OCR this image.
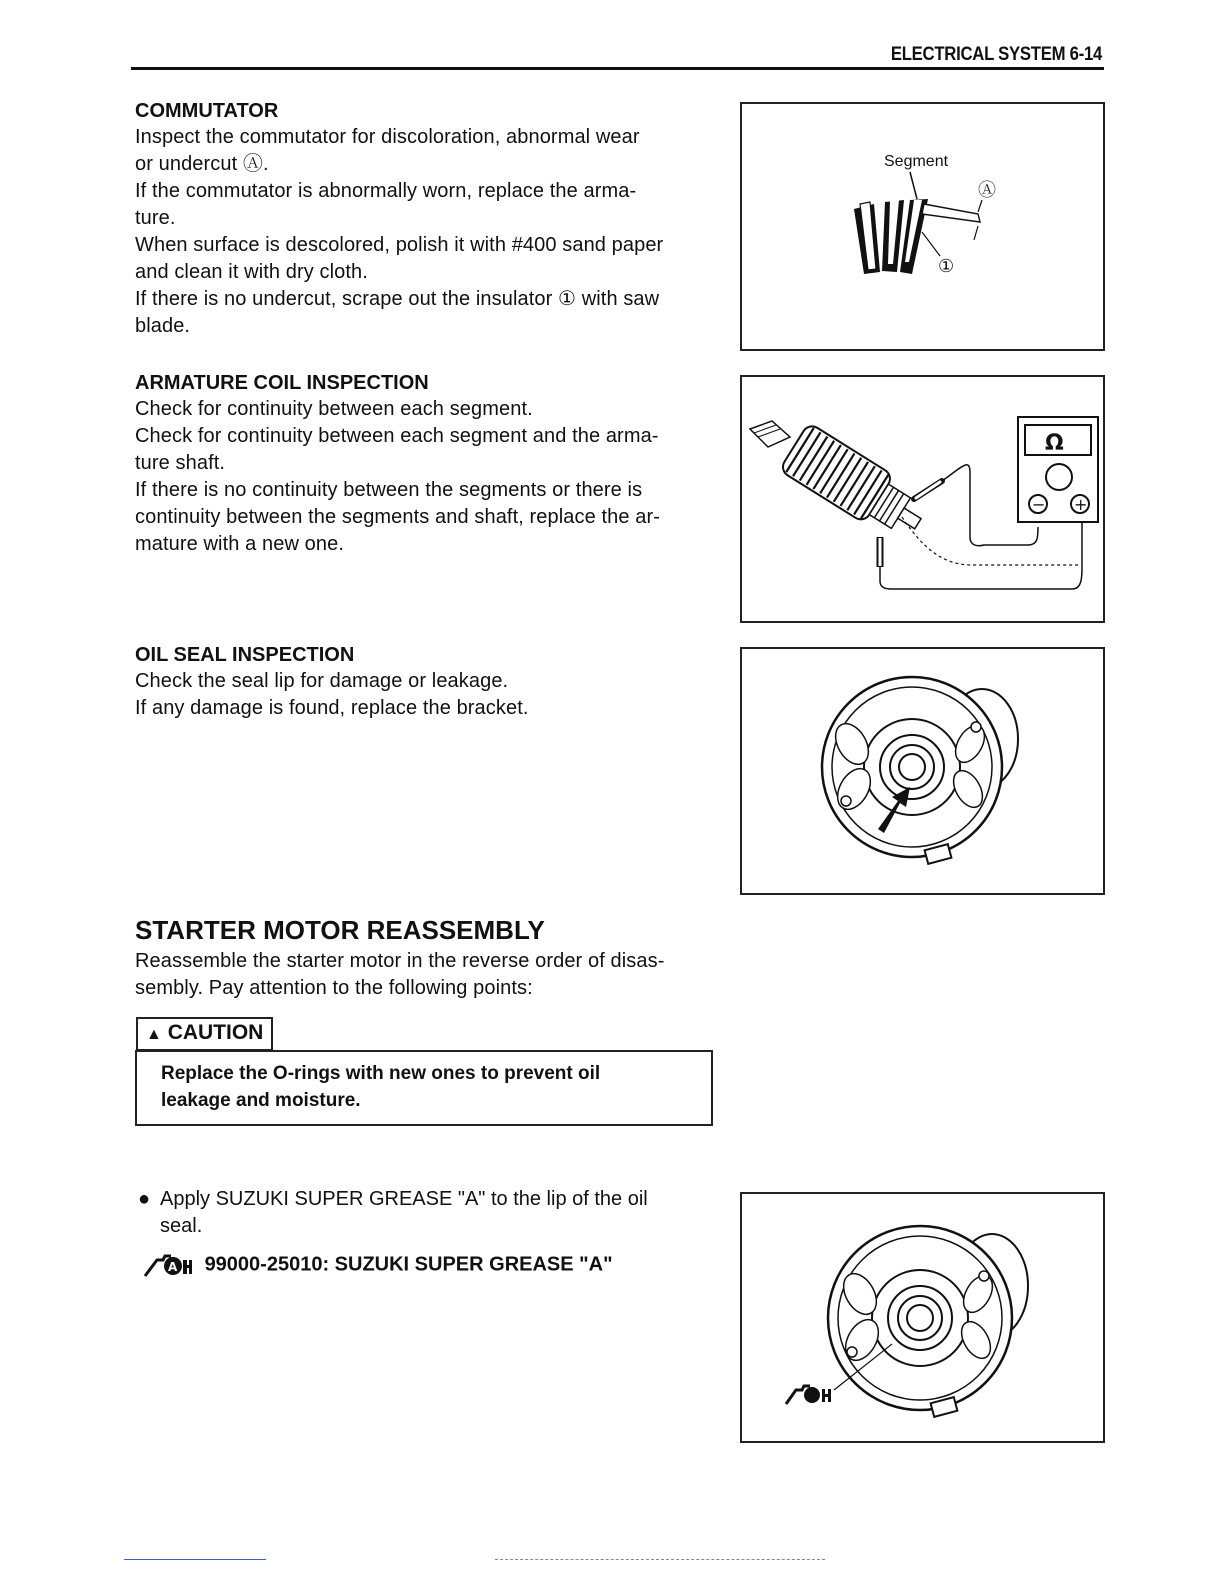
ELECTRICAL SYSTEM 6-14
COMMUTATOR

Inspect the commutator for discoloration, abnormal wear

or undercut Ⓐ.

If the commutator is abnormally worn, replace the arma-

ture.

When surface is descolored, polish it with #400 sand paper

and clean it with dry cloth.

If there is no undercut, scrape out the insulator ① with saw

blade.

Segment
Ⓐ
①
ARMATURE COIL INSPECTION

Check for continuity between each segment.

Check for continuity between each segment and the arma-

ture shaft.

If there is no continuity between the segments or there is

continuity between the segments and shaft, replace the ar-

mature with a new one.

Ω
− +
OIL SEAL INSPECTION

Check the seal lip for damage or leakage.

If any damage is found, replace the bracket.

STARTER MOTOR REASSEMBLY

Reassemble the starter motor in the reverse order of disas-

sembly. Pay attention to the following points:

▲ CAUTION

Replace the O-rings with new ones to prevent oil

leakage and moisture.

● Apply SUZUKI SUPER GREASE "A" to the lip of the oil
seal.
A 99000-25010: SUZUKI SUPER GREASE "A"
